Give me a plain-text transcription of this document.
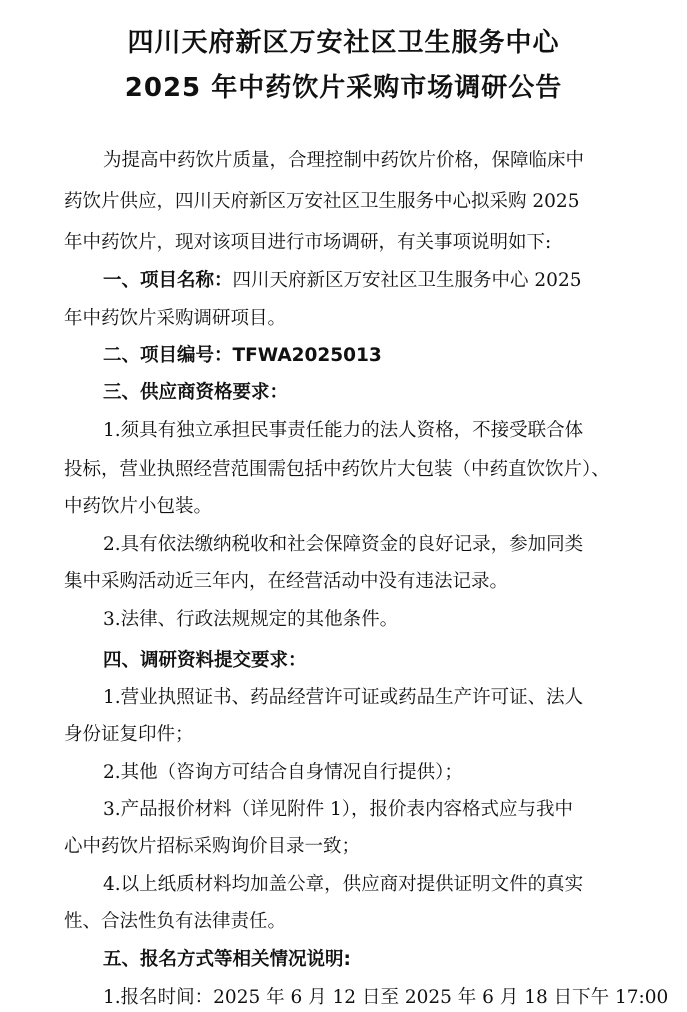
四川天府新区万安社区卫生服务中心
2025 年中药饮片采购市场调研公告
为提高中药饮片质量，合理控制中药饮片价格，保障临床中
药饮片供应，四川天府新区万安社区卫生服务中心拟采购 2025
年中药饮片，现对该项目进行市场调研，有关事项说明如下:
一、项目名称：四川天府新区万安社区卫生服务中心 2025
年中药饮片采购调研项目。
二、项目编号：TFWA2025013
三、供应商资格要求：
1.须具有独立承担民事责任能力的法人资格，不接受联合体
投标，营业执照经营范围需包括中药饮片大包装（中药直饮饮片）、
中药饮片小包装。
2.具有依法缴纳税收和社会保障资金的良好记录，参加同类
集中采购活动近三年内，在经营活动中没有违法记录。
3.法律、行政法规规定的其他条件。
四、调研资料提交要求：
1.营业执照证书、药品经营许可证或药品生产许可证、法人
身份证复印件；
2.其他（咨询方可结合自身情况自行提供）；
3.产品报价材料（详见附件 1），报价表内容格式应与我中
心中药饮片招标采购询价目录一致；
4.以上纸质材料均加盖公章，供应商对提供证明文件的真实
性、合法性负有法律责任。
五、报名方式等相关情况说明:
1.报名时间：2025 年 6 月 12 日至 2025 年 6 月 18 日下午 17:00
